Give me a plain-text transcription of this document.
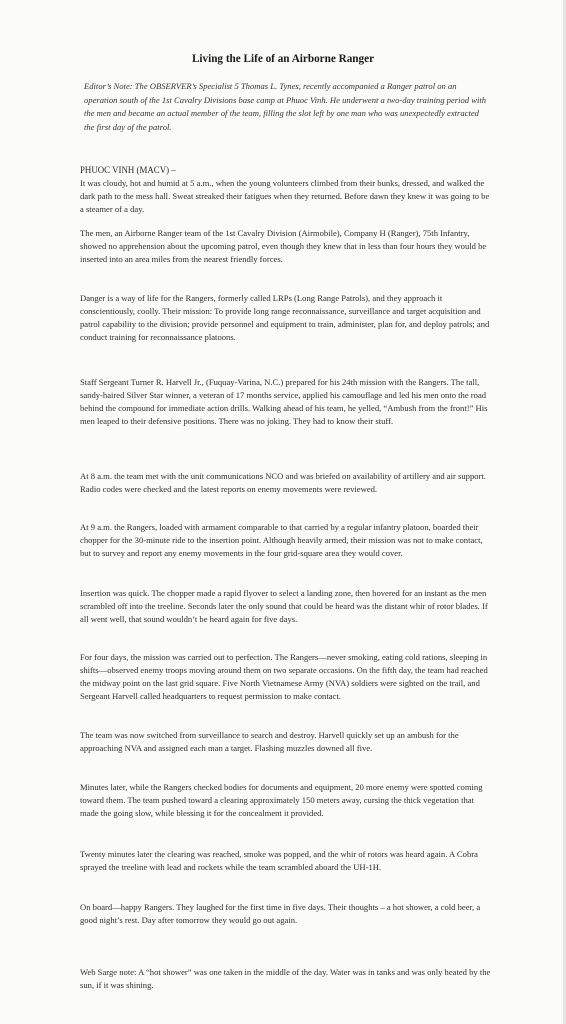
Living the Life of an Airborne Ranger

Editor’s Note: The OBSERVER’s Specialist 5 Thomas L. Tynes, recently accompanied a Ranger patrol on an operation south of the 1st Cavalry Divisions base camp at Phuoc Vinh. He underwent a two-day training period with the men and became an actual member of the team, filling the slot left by one man who was unexpectedly extracted the first day of the patrol.

PHUOC VINH (MACV) –

It was cloudy, hot and humid at 5 a.m., when the young volunteers climbed from their bunks, dressed, and walked the dark path to the mess hall. Sweat streaked their fatigues when they returned. Before dawn they knew it was going to be a steamer of a day.

The men, an Airborne Ranger team of the 1st Cavalry Division (Airmobile), Company H (Ranger), 75th Infantry, showed no apprehension about the upcoming patrol, even though they knew that in less than four hours they would be inserted into an area miles from the nearest friendly forces.

Danger is a way of life for the Rangers, formerly called LRPs (Long Range Patrols), and they approach it conscientiously, coolly. Their mission: To provide long range reconnaissance, surveillance and target acquisition and patrol capability to the division; provide personnel and equipment to train, administer, plan for, and deploy patrols; and conduct training for reconnaissance platoons.

Staff Sergeant Turner R. Harvell Jr., (Fuquay-Varina, N.C.) prepared for his 24th mission with the Rangers. The tall, sandy-haired Silver Star winner, a veteran of 17 months service, applied his camouflage and led his men onto the road behind the compound for immediate action drills. Walking ahead of his team, he yelled, “Ambush from the front!” His men leaped to their defensive positions. There was no joking. They had to know their stuff.

At 8 a.m. the team met with the unit communications NCO and was briefed on availability of artillery and air support. Radio codes were checked and the latest reports on enemy movements were reviewed.

At 9 a.m. the Rangers, loaded with armament comparable to that carried by a regular infantry platoon, boarded their chopper for the 30-minute ride to the insertion point. Although heavily armed, their mission was not to make contact, but to survey and report any enemy movements in the four grid-square area they would cover.

Insertion was quick. The chopper made a rapid flyover to select a landing zone, then hovered for an instant as the men scrambled off into the treeline. Seconds later the only sound that could be heard was the distant whir of rotor blades. If all went well, that sound wouldn’t be heard again for five days.

For four days, the mission was carried out to perfection. The Rangers—never smoking, eating cold rations, sleeping in shifts—observed enemy troops moving around them on two separate occasions. On the fifth day, the team had reached the midway point on the last grid square. Five North Vietnamese Army (NVA) soldiers were sighted on the trail, and Sergeant Harvell called headquarters to request permission to make contact.

The team was now switched from surveillance to search and destroy. Harvell quickly set up an ambush for the approaching NVA and assigned each man a target. Flashing muzzles downed all five.

Minutes later, while the Rangers checked bodies for documents and equipment, 20 more enemy were spotted coming toward them. The team pushed toward a clearing approximately 150 meters away, cursing the thick vegetation that made the going slow, while blessing it for the concealment it provided.

Twenty minutes later the clearing was reached, smoke was popped, and the whir of rotors was heard again. A Cobra sprayed the treeline with lead and rockets while the team scrambled aboard the UH-1H.

On board—happy Rangers. They laughed for the first time in five days. Their thoughts – a hot shower, a cold beer, a good night’s rest. Day after tomorrow they would go out again.

Web Sarge note: A “hot shower” was one taken in the middle of the day. Water was in tanks and was only heated by the sun, if it was shining.
